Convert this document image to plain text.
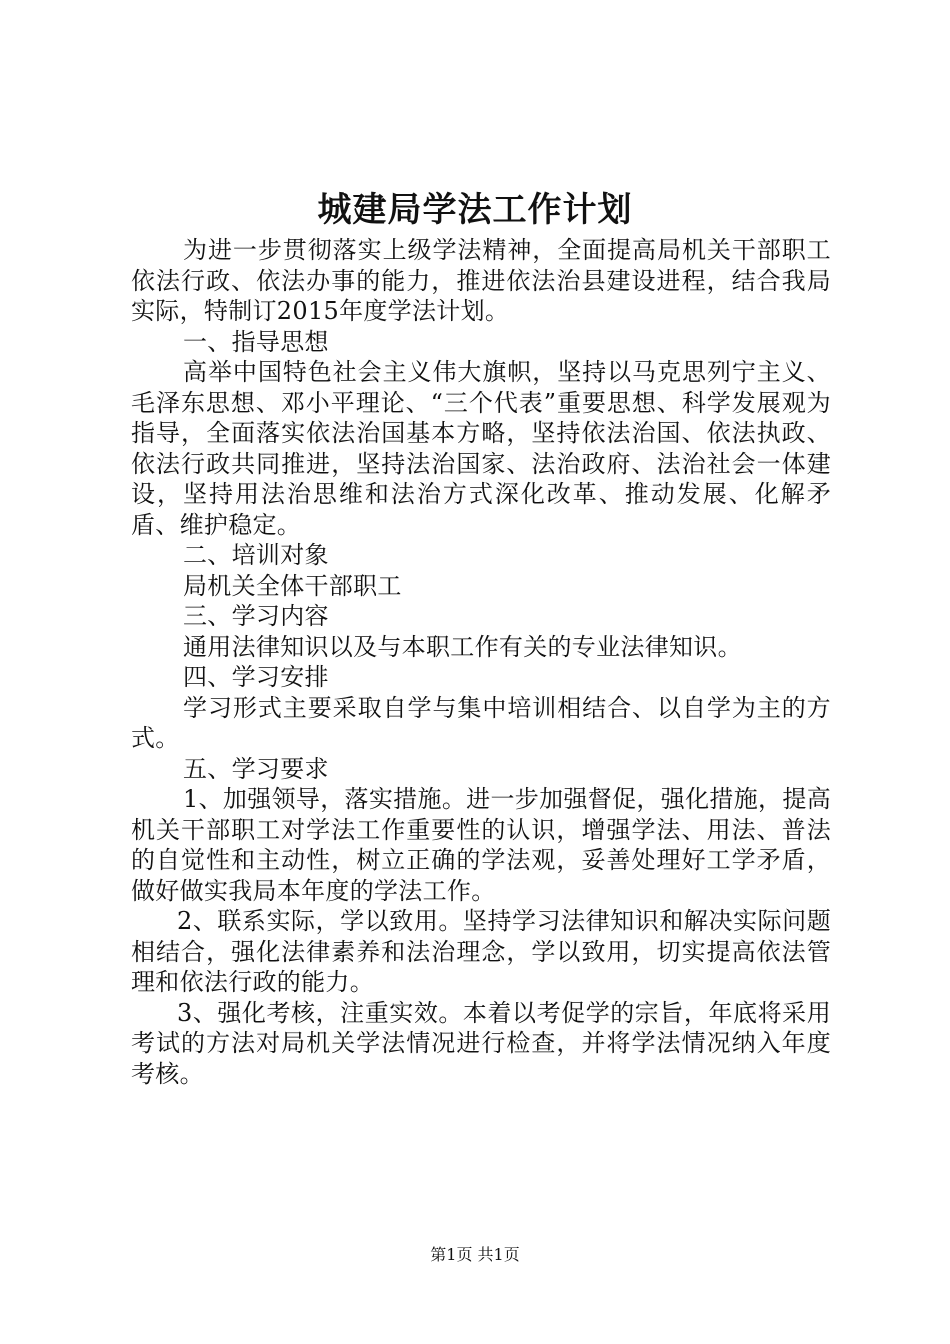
城建局学法工作计划

为进一步贯彻落实上级学法精神，全面提高局机关干部职工依法行政、依法办事的能力，推进依法治县建设进程，结合我局实际，特制订2015年度学法计划。

一、指导思想

高举中国特色社会主义伟大旗帜，坚持以马克思列宁主义、毛泽东思想、邓小平理论、“三个代表”重要思想、科学发展观为指导，全面落实依法治国基本方略，坚持依法治国、依法执政、依法行政共同推进，坚持法治国家、法治政府、法治社会一体建设，坚持用法治思维和法治方式深化改革、推动发展、化解矛盾、维护稳定。

二、培训对象

局机关全体干部职工

三、学习内容

通用法律知识以及与本职工作有关的专业法律知识。

四、学习安排

学习形式主要采取自学与集中培训相结合、以自学为主的方式。

五、学习要求

1、加强领导，落实措施。进一步加强督促，强化措施，提高机关干部职工对学法工作重要性的认识，增强学法、用法、普法的自觉性和主动性，树立正确的学法观，妥善处理好工学矛盾，做好做实我局本年度的学法工作。

2、联系实际，学以致用。坚持学习法律知识和解决实际问题相结合，强化法律素养和法治理念，学以致用，切实提高依法管理和依法行政的能力。

3、强化考核，注重实效。本着以考促学的宗旨，年底将采用考试的方法对局机关学法情况进行检查，并将学法情况纳入年度考核。

第1页 共1页
